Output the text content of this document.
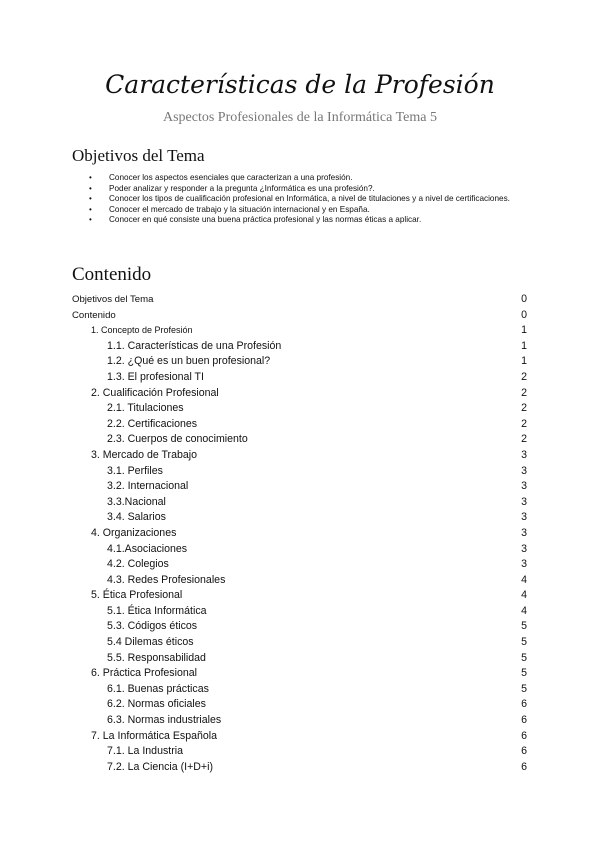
Características de la Profesión
Aspectos Profesionales de la Informática Tema 5
Objetivos del Tema
• Conocer los aspectos esenciales que caracterizan a una profesión.
• Poder analizar y responder a la pregunta ¿Informática es una profesión?.
• Conocer los tipos de cualificación profesional en Informática, a nivel de titulaciones y a nivel de certificaciones.
• Conocer el mercado de trabajo y la situación internacional y en España.
• Conocer en qué consiste una buena práctica profesional y las normas éticas a aplicar.
Contenido
Objetivos del Tema	0
Contenido	0
1. Concepto de Profesión	1
1.1. Características de una Profesión	1
1.2. ¿Qué es un buen profesional?	1
1.3. El profesional TI	2
2. Cualificación Profesional	2
2.1. Titulaciones	2
2.2. Certificaciones	2
2.3. Cuerpos de conocimiento	2
3. Mercado de Trabajo	3
3.1. Perfiles	3
3.2. Internacional	3
3.3.Nacional	3
3.4. Salarios	3
4. Organizaciones	3
4.1.Asociaciones	3
4.2. Colegios	3
4.3. Redes Profesionales	4
5. Ética Profesional	4
5.1. Ética Informática	4
5.3. Códigos éticos	5
5.4 Dilemas éticos	5
5.5. Responsabilidad	5
6. Práctica Profesional	5
6.1. Buenas prácticas	5
6.2. Normas oficiales	6
6.3. Normas industriales	6
7. La Informática Española	6
7.1. La Industria	6
7.2. La Ciencia (I+D+i)	6
